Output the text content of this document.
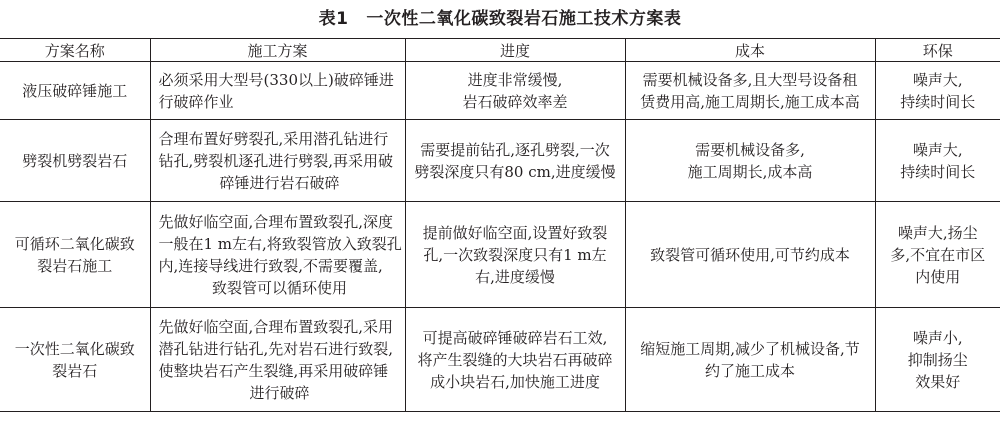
表1 一次性二氧化碳致裂岩石施工技术方案表
方案名称	施工方案	进度	成本	环保

液压破碎锤施工	必须采用大型号(330以上)破碎锤进
行破碎作业	进度非常缓慢,
岩石破碎效率差	需要机械设备多,且大型号设备租
赁费用高,施工周期长,施工成本高	噪声大,
持续时间长

劈裂机劈裂岩石	合理布置好劈裂孔,采用潜孔钻进行
钻孔,劈裂机逐孔进行劈裂,再采用破
碎锤进行岩石破碎	需要提前钻孔,逐孔劈裂,一次
劈裂深度只有80 cm,进度缓慢	需要机械设备多,
施工周期长,成本高	噪声大,
持续时间长

可循环二氧化碳致
裂岩石施工	先做好临空面,合理布置致裂孔,深度
一般在1 m左右,将致裂管放入致裂孔
内,连接导线进行致裂,不需要覆盖,
致裂管可以循环使用	提前做好临空面,设置好致裂
孔,一次致裂深度只有1 m左
右,进度缓慢	致裂管可循环使用,可节约成本	噪声大,扬尘
多,不宜在市区
内使用

一次性二氧化碳致
裂岩石	先做好临空面,合理布置致裂孔,采用
潜孔钻进行钻孔,先对岩石进行致裂,
使整块岩石产生裂缝,再采用破碎锤
进行破碎	可提高破碎锤破碎岩石工效,
将产生裂缝的大块岩石再破碎
成小块岩石,加快施工进度	缩短施工周期,减少了机械设备,节
约了施工成本	噪声小,
抑制扬尘
效果好
